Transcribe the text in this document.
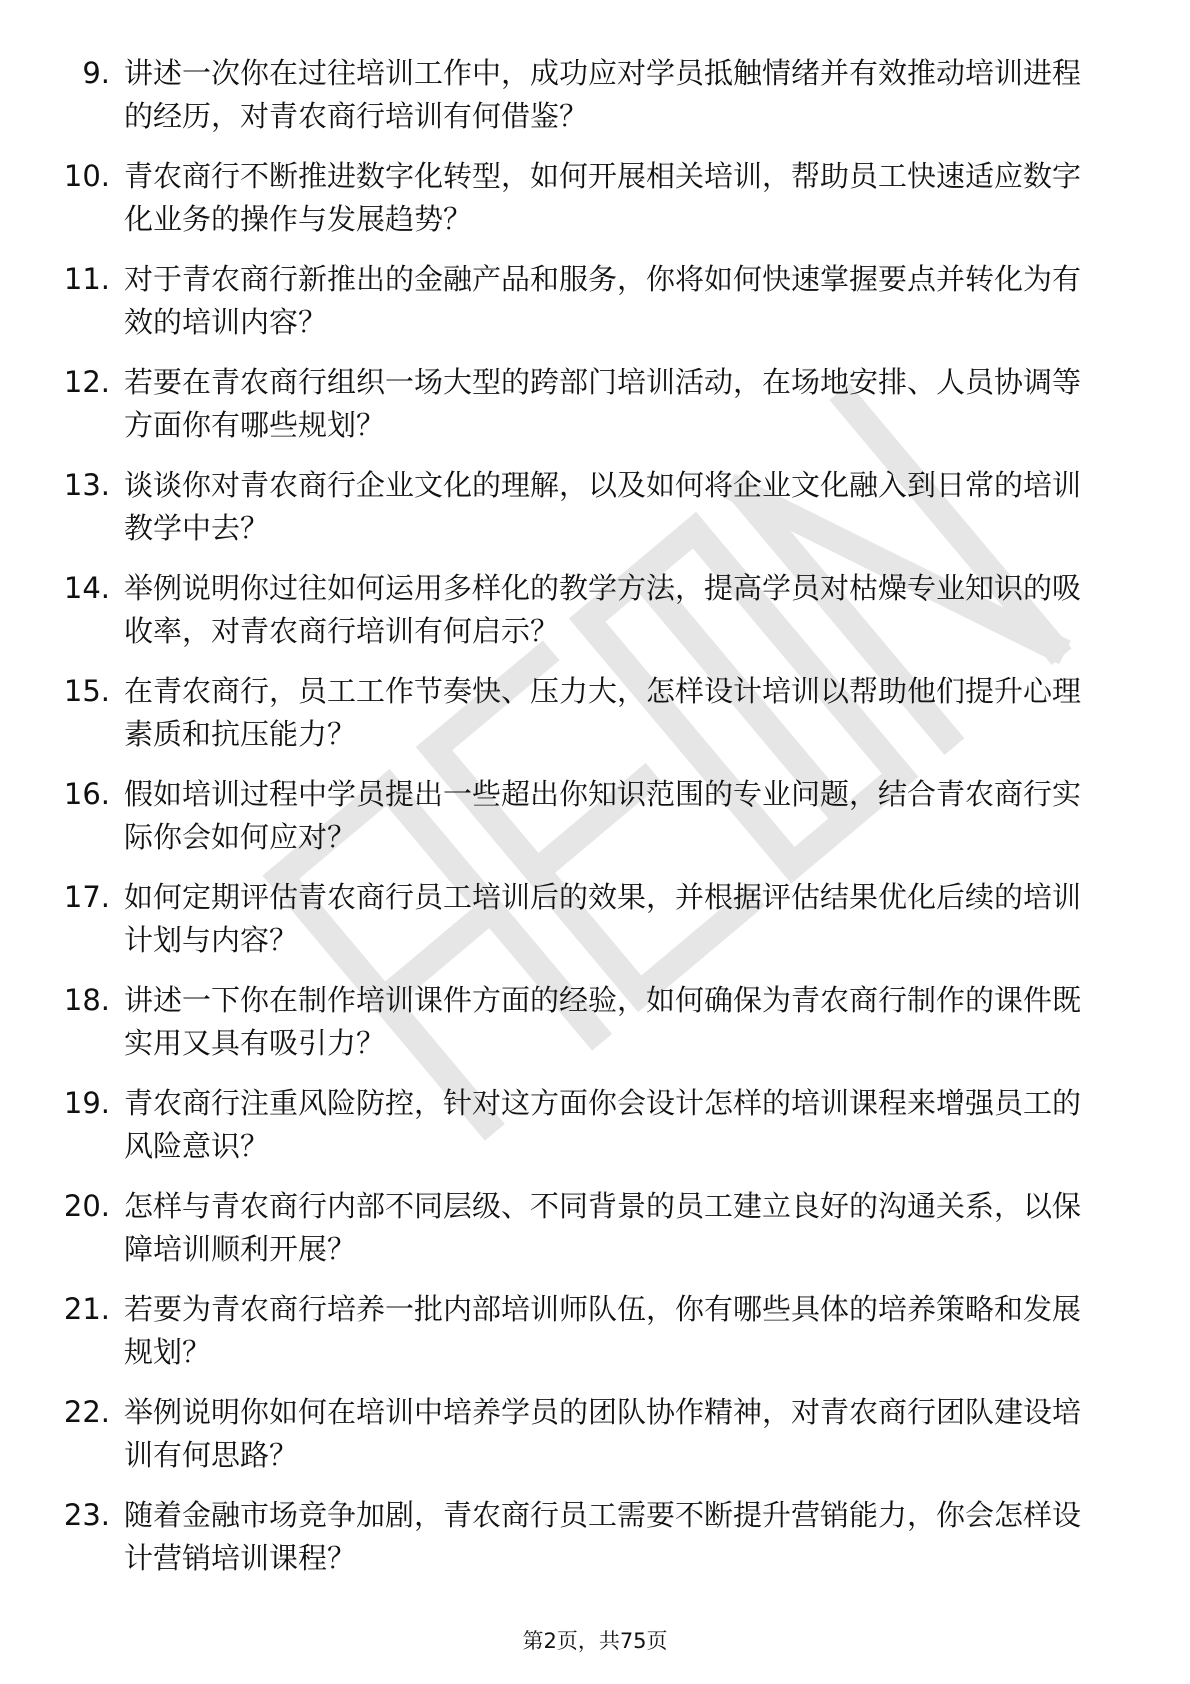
9. 讲述一次你在过往培训工作中，成功应对学员抵触情绪并有效推动培训进程的经历，对青农商行培训有何借鉴？

10. 青农商行不断推进数字化转型，如何开展相关培训，帮助员工快速适应数字化业务的操作与发展趋势？

11. 对于青农商行新推出的金融产品和服务，你将如何快速掌握要点并转化为有效的培训内容？

12. 若要在青农商行组织一场大型的跨部门培训活动，在场地安排、人员协调等方面你有哪些规划？

13. 谈谈你对青农商行企业文化的理解，以及如何将企业文化融入到日常的培训教学中去？

14. 举例说明你过往如何运用多样化的教学方法，提高学员对枯燥专业知识的吸收率，对青农商行培训有何启示？

15. 在青农商行，员工工作节奏快、压力大，怎样设计培训以帮助他们提升心理素质和抗压能力？

16. 假如培训过程中学员提出一些超出你知识范围的专业问题，结合青农商行实际你会如何应对？

17. 如何定期评估青农商行员工培训后的效果，并根据评估结果优化后续的培训计划与内容？

18. 讲述一下你在制作培训课件方面的经验，如何确保为青农商行制作的课件既实用又具有吸引力？

19. 青农商行注重风险防控，针对这方面你会设计怎样的培训课程来增强员工的风险意识？

20. 怎样与青农商行内部不同层级、不同背景的员工建立良好的沟通关系，以保障培训顺利开展？

21. 若要为青农商行培养一批内部培训师队伍，你有哪些具体的培养策略和发展规划？

22. 举例说明你如何在培训中培养学员的团队协作精神，对青农商行团队建设培训有何思路？

23. 随着金融市场竞争加剧，青农商行员工需要不断提升营销能力，你会怎样设计营销培训课程？

第2页，共75页
